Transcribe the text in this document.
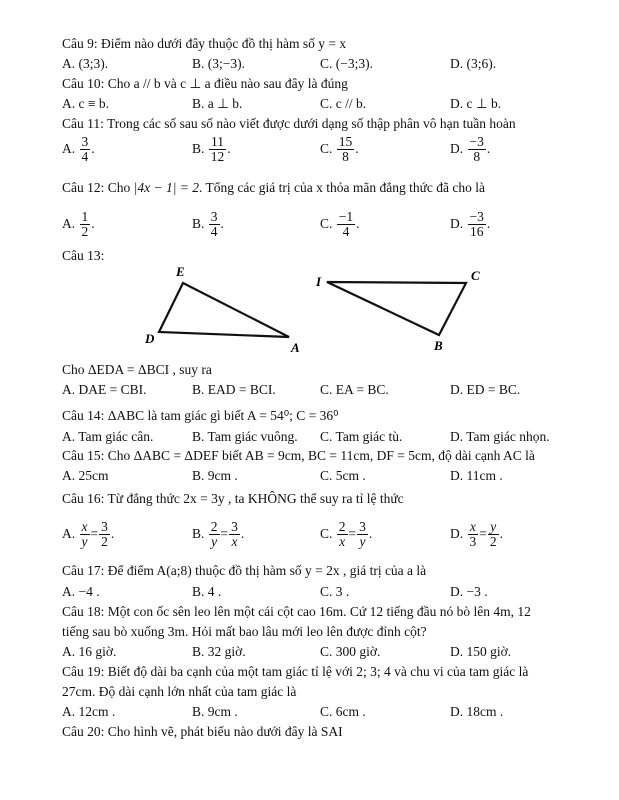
Câu 9: Điểm nào dưới đây thuộc đồ thị hàm số y = x
A. (3;3).	B. (3;−3).	C. (−3;3).	D. (3;6).
Câu 10: Cho a // b và c ⊥ a điều nào sau đây là đúng
A. c ≡ b.	B. a ⊥ b.	C. c // b.	D. c ⊥ b.
Câu 11: Trong các số sau số nào viết được dưới dạng số thập phân vô hạn tuần hoàn
A. $\frac{3}{4}$ .	B. $\frac{11}{12}$ .	C. $\frac{15}{8}$ .	D. $\frac{-3}{8}$ .
Câu 12: Cho |4x − 1| = 2. Tổng các giá trị của x thỏa mãn đẳng thức đã cho là
A. $\frac{1}{2}$ .	B. $\frac{3}{4}$ .	C. $\frac{-1}{4}$ .	D. $\frac{-3}{16}$ .
Câu 13:
E
D
A
I	C
B
Cho ΔEDA = ΔBCI , suy ra
A. DAE = CBI.	B. EAD = BCI.	C. EA = BC.	D. ED = BC.
Câu 14: ΔABC là tam giác gì biết A = 54⁰; C = 36⁰
A. Tam giác cân.	B. Tam giác vuông. C. Tam giác tù.	D. Tam giác nhọn.
Câu 15: Cho ΔABC = ΔDEF biết AB = 9cm, BC = 11cm, DF = 5cm, độ dài cạnh AC là
A. 25cm	B. 9cm .	C. 5cm .	D. 11cm .
Câu 16: Từ đẳng thức 2x = 3y , ta KHÔNG thể suy ra tỉ lệ thức
A. $\frac{x}{y} = \frac{3}{2}$ .	B. $\frac{2}{y} = \frac{3}{x}$ .	C. $\frac{2}{x} = \frac{3}{y}$ .	D. $\frac{x}{3} = \frac{y}{2}$ .
Câu 17: Để điểm A(a;8) thuộc đồ thị hàm số y = 2x , giá trị của a là
A. −4 .	B. 4 .	C. 3 .	D. −3 .
Câu 18: Một con ốc sên leo lên một cái cột cao 16m. Cứ 12 tiếng đầu nó bò lên 4m, 12
tiếng sau bò xuống 3m. Hỏi mất bao lâu mới leo lên được đỉnh cột?
A. 16 giờ.	B. 32 giờ.	C. 300 giờ.	D. 150 giờ.
Câu 19: Biết độ dài ba cạnh của một tam giác tỉ lệ với 2; 3; 4 và chu vi của tam giác là
27cm. Độ dài cạnh lớn nhất của tam giác là
A. 12cm .	B. 9cm .	C. 6cm .	D. 18cm .
Câu 20: Cho hình vẽ, phát biểu nào dưới đây là SAI
